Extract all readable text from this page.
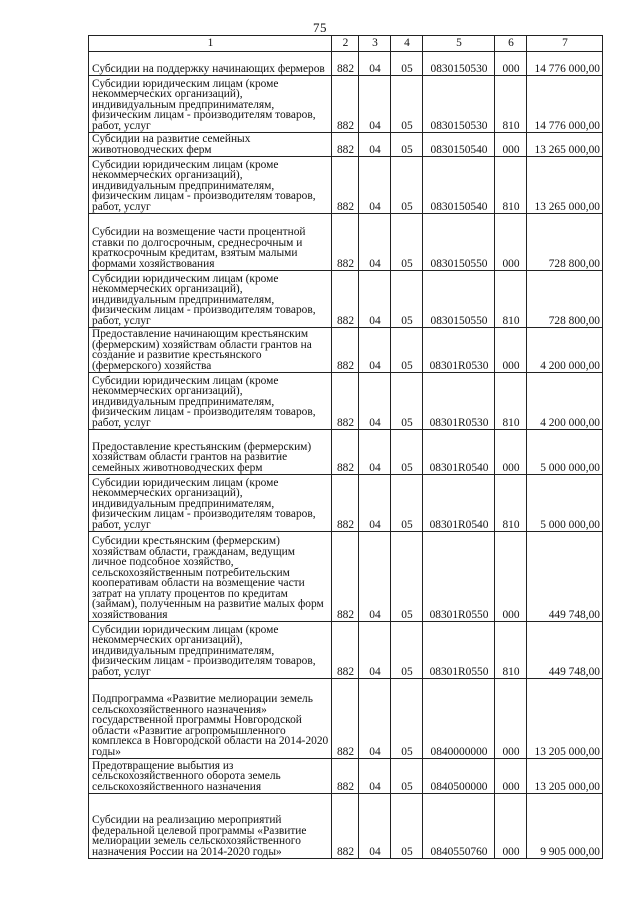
75
1	2	3	4	5	6	7
Субсидии на поддержку начинающих фермеров	882	04	05	0830150530	000	14 776 000,00
Субсидии юридическим лицам (кроме некоммерческих организаций), индивидуальным предпринимателям, физическим лицам - производителям товаров, работ, услуг	882	04	05	0830150530	810	14 776 000,00
Субсидии на развитие семейных животноводческих ферм	882	04	05	0830150540	000	13 265 000,00
Субсидии юридическим лицам (кроме некоммерческих организаций), индивидуальным предпринимателям, физическим лицам - производителям товаров, работ, услуг	882	04	05	0830150540	810	13 265 000,00
Субсидии на возмещение части процентной ставки по долгосрочным, среднесрочным и краткосрочным кредитам, взятым малыми формами хозяйствования	882	04	05	0830150550	000	728 800,00
Субсидии юридическим лицам (кроме некоммерческих организаций), индивидуальным предпринимателям, физическим лицам - производителям товаров, работ, услуг	882	04	05	0830150550	810	728 800,00
Предоставление начинающим крестьянским (фермерским) хозяйствам области грантов на создание и развитие крестьянского (фермерского) хозяйства	882	04	05	08301R0530	000	4 200 000,00
Субсидии юридическим лицам (кроме некоммерческих организаций), индивидуальным предпринимателям, физическим лицам - производителям товаров, работ, услуг	882	04	05	08301R0530	810	4 200 000,00
Предоставление крестьянским (фермерским) хозяйствам области грантов на развитие семейных животноводческих ферм	882	04	05	08301R0540	000	5 000 000,00
Субсидии юридическим лицам (кроме некоммерческих организаций), индивидуальным предпринимателям, физическим лицам - производителям товаров, работ, услуг	882	04	05	08301R0540	810	5 000 000,00
Субсидии крестьянским (фермерским) хозяйствам области, гражданам, ведущим личное подсобное хозяйство, сельскохозяйственным потребительским кооперативам области на возмещение части затрат на уплату процентов по кредитам (займам), полученным на развитие малых форм хозяйствования	882	04	05	08301R0550	000	449 748,00
Субсидии юридическим лицам (кроме некоммерческих организаций), индивидуальным предпринимателям, физическим лицам - производителям товаров, работ, услуг	882	04	05	08301R0550	810	449 748,00
Подпрограмма «Развитие мелиорации земель сельскохозяйственного назначения» государственной программы Новгородской области «Развитие агропромышленного комплекса в Новгородской области на 2014-2020 годы»	882	04	05	0840000000	000	13 205 000,00
Предотвращение выбытия из сельскохозяйственного оборота земель сельскохозяйственного назначения	882	04	05	0840500000	000	13 205 000,00
Субсидии на реализацию мероприятий федеральной целевой программы «Развитие мелиорации земель сельскохозяйственного назначения России на 2014-2020 годы»	882	04	05	0840550760	000	9 905 000,00
